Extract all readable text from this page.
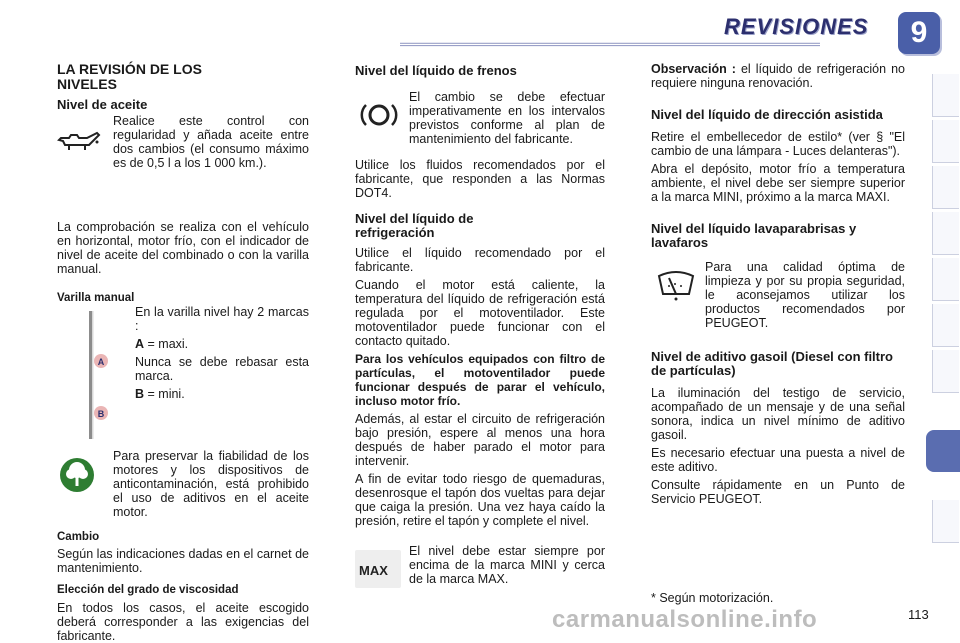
REVISIONES	9
LA REVISIÓN DE LOS NIVELES
Nivel de aceite

Realice este control con regularidad y añada aceite entre dos cambios (el consumo máximo es de 0,5 l a los 1 000 km.).

La comprobación se realiza con el vehículo en horizontal, motor frío, con el indicador de nivel de aceite del combinado o con la varilla manual.

Varilla manual
A
B

En la varilla nivel hay 2 marcas :

A = maxi.

Nunca se debe rebasar esta marca.

B = mini.

Para preservar la fiabilidad de los motores y los dispositivos de anticontaminación, está prohibido el uso de aditivos en el aceite motor.

Cambio

Según las indicaciones dadas en el carnet de mantenimiento.

Elección del grado de viscosidad

En todos los casos, el aceite escogido deberá corresponder a las exigencias del fabricante.

Nivel del líquido de frenos

El cambio se debe efectuar imperativamente en los intervalos previstos conforme al plan de mantenimiento del fabricante.

Utilice los fluidos recomendados por el fabricante, que responden a las Normas DOT4.

Nivel del líquido de refrigeración

Utilice el líquido recomendado por el fabricante.

Cuando el motor está caliente, la temperatura del líquido de refrigeración está regulada por el motoventilador. Este motoventilador puede funcionar con el contacto quitado.

Para los vehículos equipados con filtro de partículas, el motoventilador puede funcionar después de parar el vehículo, incluso motor frío.

Además, al estar el circuito de refrigeración bajo presión, espere al menos una hora después de haber parado el motor para intervenir.

A fin de evitar todo riesgo de quemaduras, desenrosque el tapón dos vueltas para dejar que caiga la presión. Una vez haya caído la presión, retire el tapón y complete el nivel.

MAX

El nivel debe estar siempre por encima de la marca MINI y cerca de la marca MAX.

Observación : el líquido de refrigeración no requiere ninguna renovación.

Nivel del líquido de dirección asistida

Retire el embellecedor de estilo* (ver § "El cambio de una lámpara - Luces delanteras").

Abra el depósito, motor frío a temperatura ambiente, el nivel debe ser siempre superior a la marca MINI, próximo a la marca MAXI.

Nivel del líquido lavaparabrisas y lavafaros

Para una calidad óptima de limpieza y por su propia seguridad, le aconsejamos utilizar los productos recomendados por PEUGEOT.

Nivel de aditivo gasoil (Diesel con filtro de partículas)

La iluminación del testigo de servicio, acompañado de un mensaje y de una señal sonora, indica un nivel mínimo de aditivo gasoil.

Es necesario efectuar una puesta a nivel de este aditivo.

Consulte rápidamente en un Punto de Servicio PEUGEOT.

* Según motorización.
carmanualsonline.info	113
